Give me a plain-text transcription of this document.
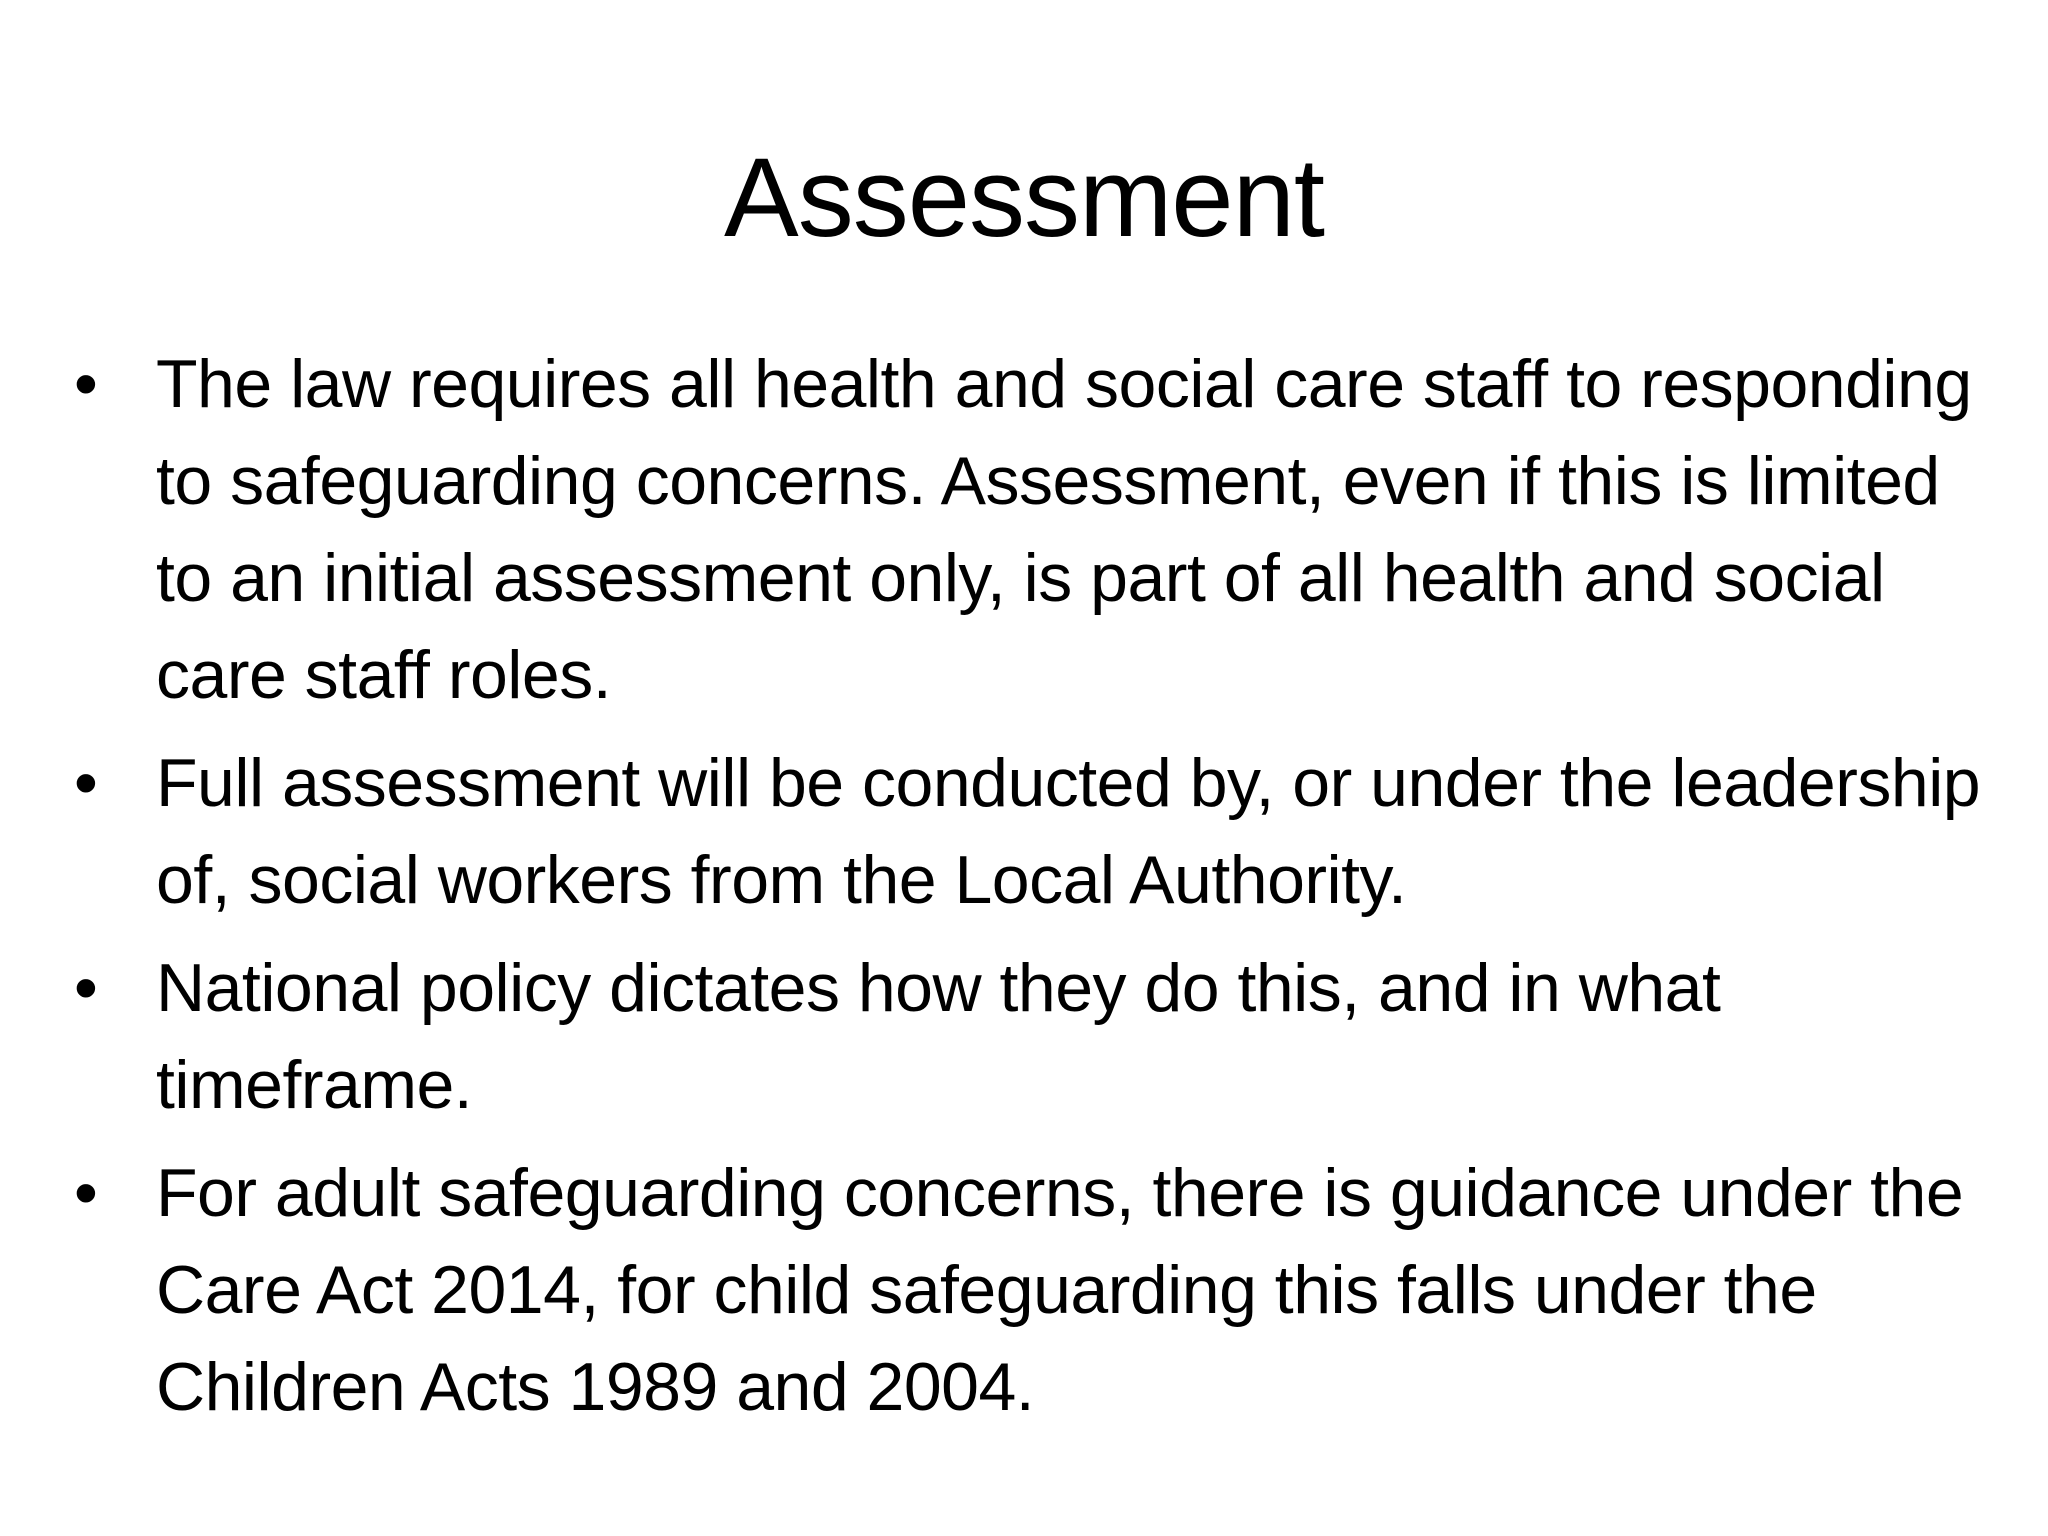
Assessment
• The law requires all health and social care staff to responding to safeguarding concerns. Assessment, even if this is limited to an initial assessment only, is part of all health and social care staff roles.
• Full assessment will be conducted by, or under the leadership of, social workers from the Local Authority.
• National policy dictates how they do this, and in what timeframe.
• For adult safeguarding concerns, there is guidance under the Care Act 2014, for child safeguarding this falls under the Children Acts 1989 and 2004.
